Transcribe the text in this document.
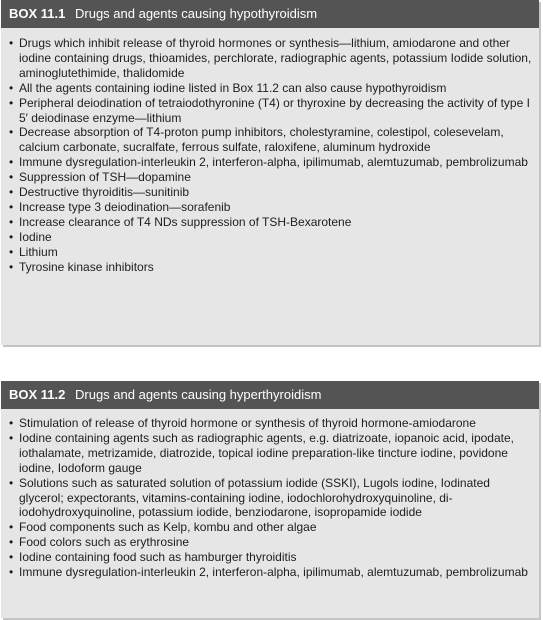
BOX 11.1 Drugs and agents causing hypothyroidism
• Drugs which inhibit release of thyroid hormones or synthesis—lithium, amiodarone and other iodine containing drugs, thioamides, perchlorate, radiographic agents, potassium Iodide solution, aminoglutethimide, thalidomide
• All the agents containing iodine listed in Box 11.2 can also cause hypothyroidism
• Peripheral deiodination of tetraiodothyronine (T4) or thyroxine by decreasing the activity of type I 5′ deiodinase enzyme—lithium
• Decrease absorption of T4-proton pump inhibitors, cholestyramine, colestipol, colesevelam, calcium carbonate, sucralfate, ferrous sulfate, raloxifene, aluminum hydroxide
• Immune dysregulation-interleukin 2, interferon-alpha, ipilimumab, alemtuzumab, pembrolizumab
• Suppression of TSH—dopamine
• Destructive thyroiditis—sunitinib
• Increase type 3 deiodination—sorafenib
• Increase clearance of T4 NDs suppression of TSH-Bexarotene
• Iodine
• Lithium
• Tyrosine kinase inhibitors
BOX 11.2 Drugs and agents causing hyperthyroidism
• Stimulation of release of thyroid hormone or synthesis of thyroid hormone-amiodarone
• Iodine containing agents such as radiographic agents, e.g. diatrizoate, iopanoic acid, ipodate, iothalamate, metrizamide, diatrozide, topical iodine preparation-like tincture iodine, povidone iodine, Iodoform gauge
• Solutions such as saturated solution of potassium iodide (SSKI), Lugols iodine, Iodinated glycerol; expectorants, vitamins-containing iodine, iodochlorohydroxyquinoline, di-iodohydroxyquinoline, potassium iodide, benziodarone, isopropamide iodide
• Food components such as Kelp, kombu and other algae
• Food colors such as erythrosine
• Iodine containing food such as hamburger thyroiditis
• Immune dysregulation-interleukin 2, interferon-alpha, ipilimumab, alemtuzumab, pembrolizumab
